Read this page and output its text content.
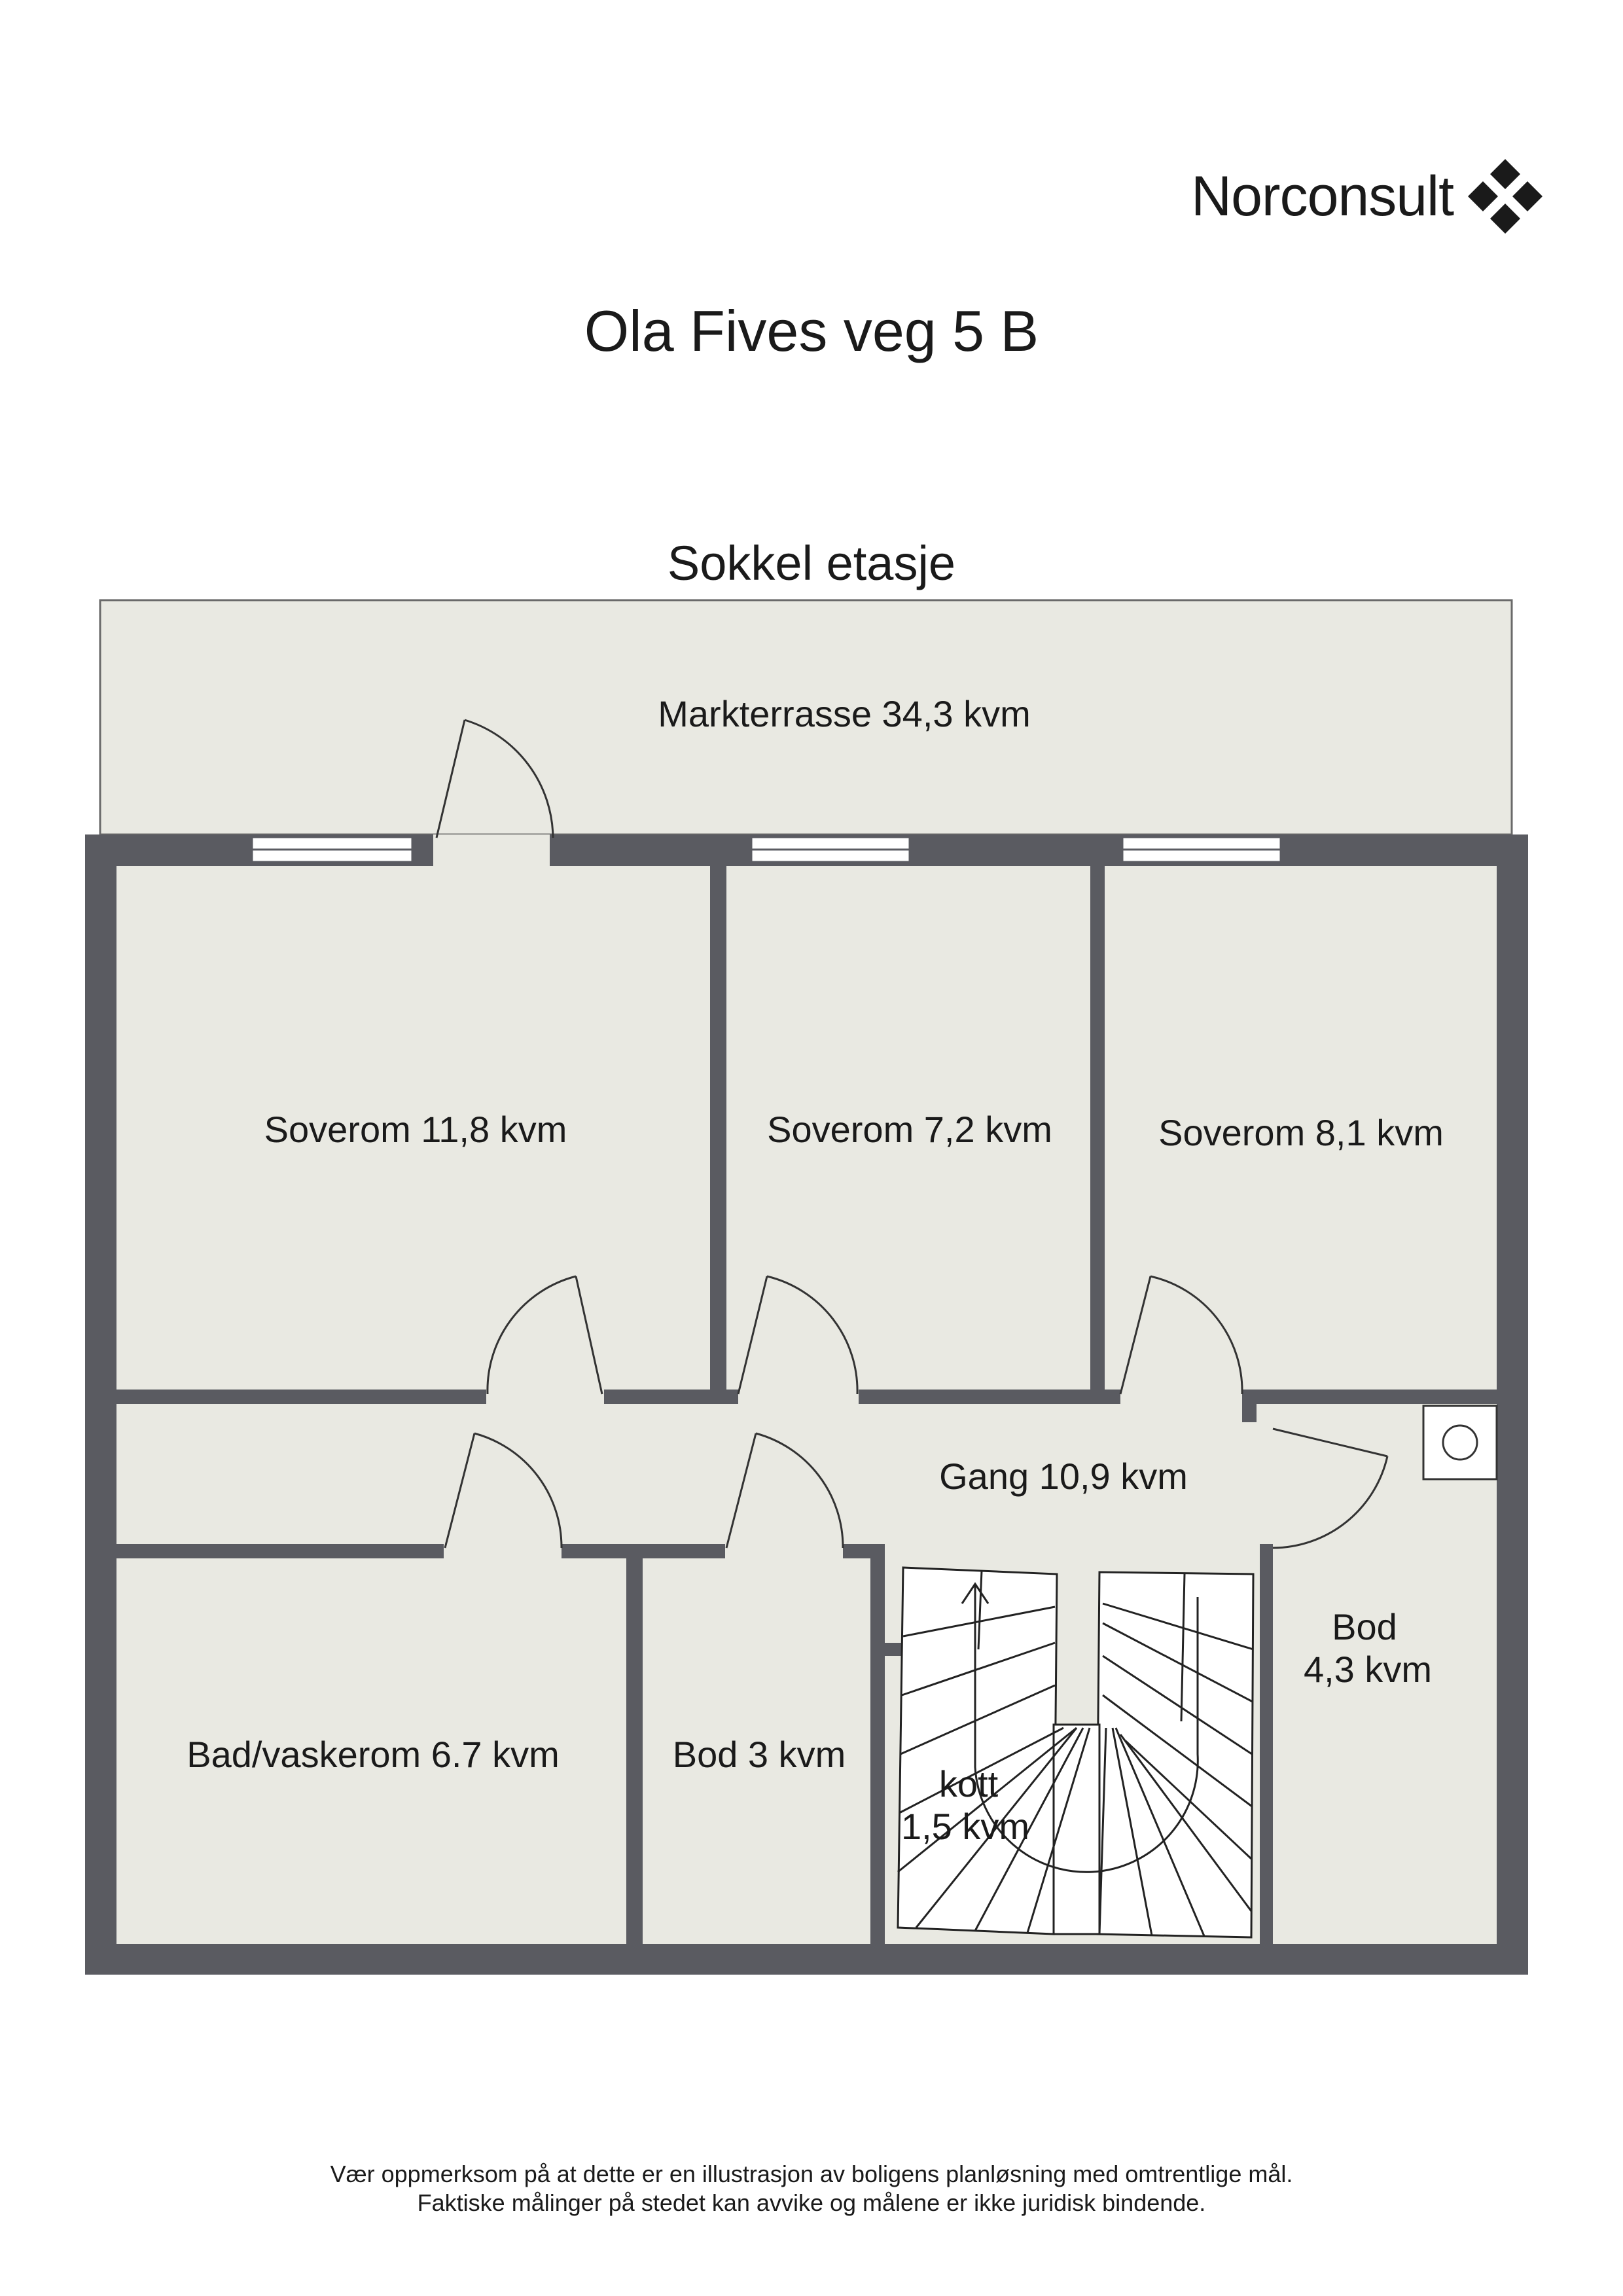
Norconsult
Ola Fives veg 5 B
Sokkel etasje
Markterrasse 34,3 kvm
Soverom 11,8 kvm	Soverom 7,2 kvm	Soverom 8,1 kvm
Gang 10,9 kvm
Bad/vaskerom 6.7 kvm	Bod 3 kvm
kott
1,5 kvm
Bod
4,3 kvm
Vær oppmerksom på at dette er en illustrasjon av boligens planløsning med omtrentlige mål.
Faktiske målinger på stedet kan avvike og målene er ikke juridisk bindende.
